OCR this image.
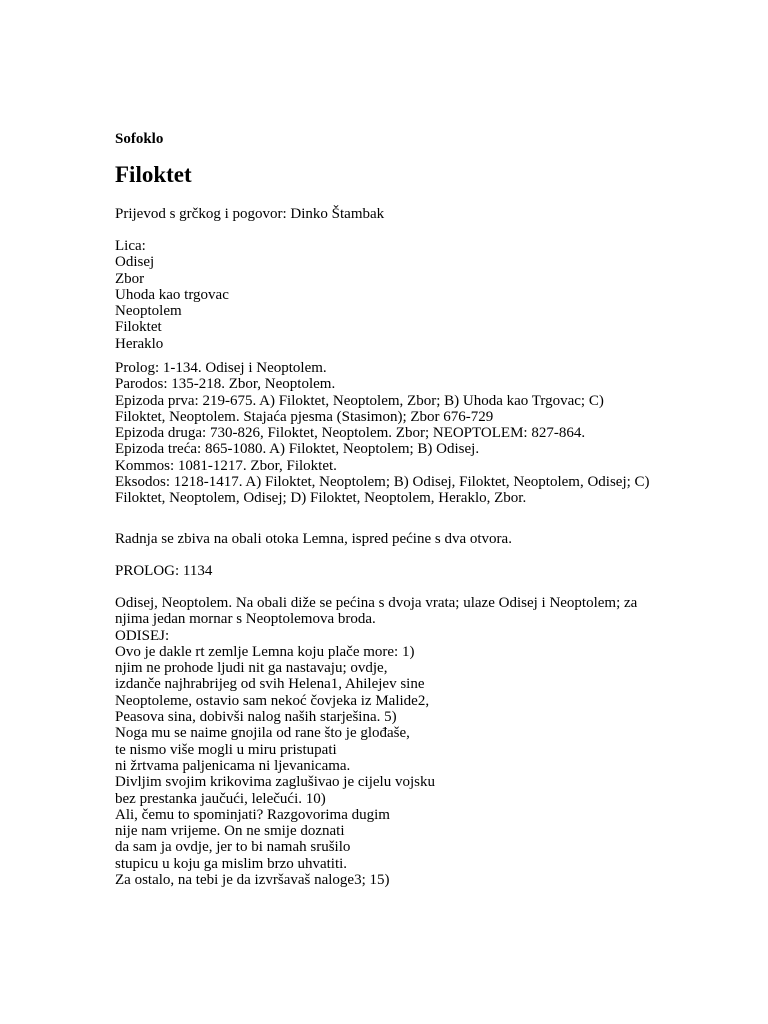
Sofoklo
Filoktet
Prijevod s grčkog i pogovor: Dinko Štambak
Lica:
Odisej
Zbor
Uhoda kao trgovac
Neoptolem
Filoktet
Heraklo
Prolog: 1-134. Odisej i Neoptolem.
Parodos: 135-218. Zbor, Neoptolem.
Epizoda prva: 219-675. A) Filoktet, Neoptolem, Zbor; B) Uhoda kao Trgovac; C)
Filoktet, Neoptolem. Stajaća pjesma (Stasimon); Zbor 676-729
Epizoda druga: 730-826, Filoktet, Neoptolem. Zbor; NEOPTOLEM: 827-864.
Epizoda treća: 865-1080. A) Filoktet, Neoptolem; B) Odisej.
Kommos: 1081-1217. Zbor, Filoktet.
Eksodos: 1218-1417. A) Filoktet, Neoptolem; B) Odisej, Filoktet, Neoptolem, Odisej; C)
Filoktet, Neoptolem, Odisej; D) Filoktet, Neoptolem, Heraklo, Zbor.
Radnja se zbiva na obali otoka Lemna, ispred pećine s dva otvora.
PROLOG: 1134
Odisej, Neoptolem. Na obali diže se pećina s dvoja vrata; ulaze Odisej i Neoptolem; za
njima jedan mornar s Neoptolemova broda.
ODISEJ:
Ovo je dakle rt zemlje Lemna koju plače more: 1)
njim ne prohode ljudi nit ga nastavaju; ovdje,
izdanče najhrabrijeg od svih Helena1, Ahilejev sine
Neoptoleme, ostavio sam nekoć čovjeka iz Malide2,
Peasova sina, dobivši nalog naših starješina. 5)
Noga mu se naime gnojila od rane što je glođaše,
te nismo više mogli u miru pristupati
ni žrtvama paljenicama ni ljevanicama.
Divljim svojim krikovima zaglušivao je cijelu vojsku
bez prestanka jaučući, lelečući. 10)
Ali, čemu to spominjati? Razgovorima dugim
nije nam vrijeme. On ne smije doznati
da sam ja ovdje, jer to bi namah srušilo
stupicu u koju ga mislim brzo uhvatiti.
Za ostalo, na tebi je da izvršavaš naloge3; 15)
